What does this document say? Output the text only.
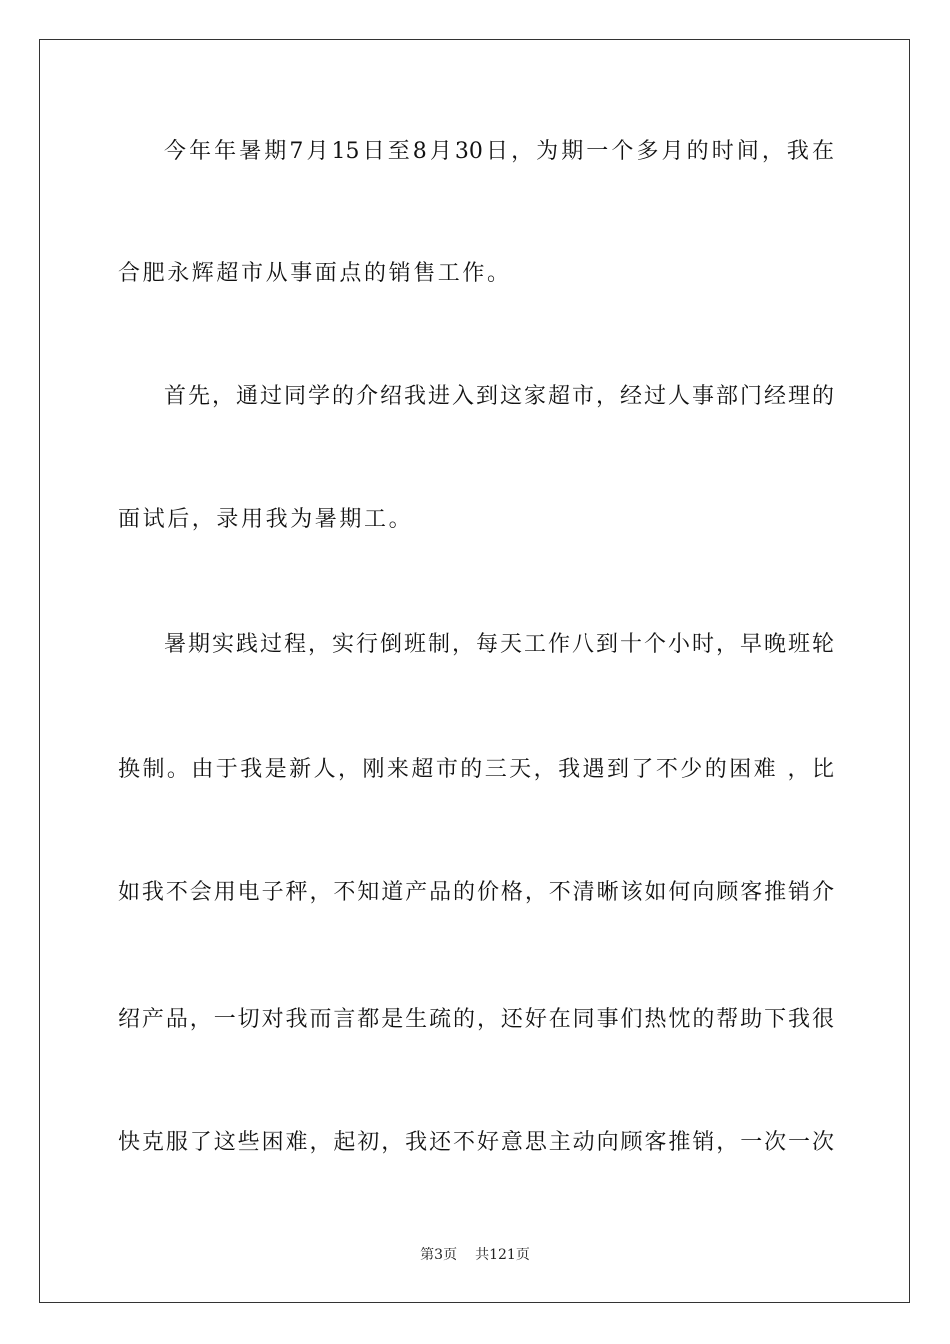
今年年暑期7月15日至8月30日，为期一个多月的时间，我在
合肥永辉超市从事面点的销售工作。
首先，通过同学的介绍我进入到这家超市，经过人事部门经理的
面试后，录用我为暑期工。
暑期实践过程，实行倒班制，每天工作八到十个小时，早晚班轮
换制。由于我是新人，刚来超市的三天，我遇到了不少的困难 ，比
如我不会用电子秤，不知道产品的价格，不清晰该如何向顾客推销介
绍产品，一切对我而言都是生疏的，还好在同事们热忱的帮助下我很
快克服了这些困难，起初，我还不好意思主动向顾客推销，一次一次
第3页 共121页
